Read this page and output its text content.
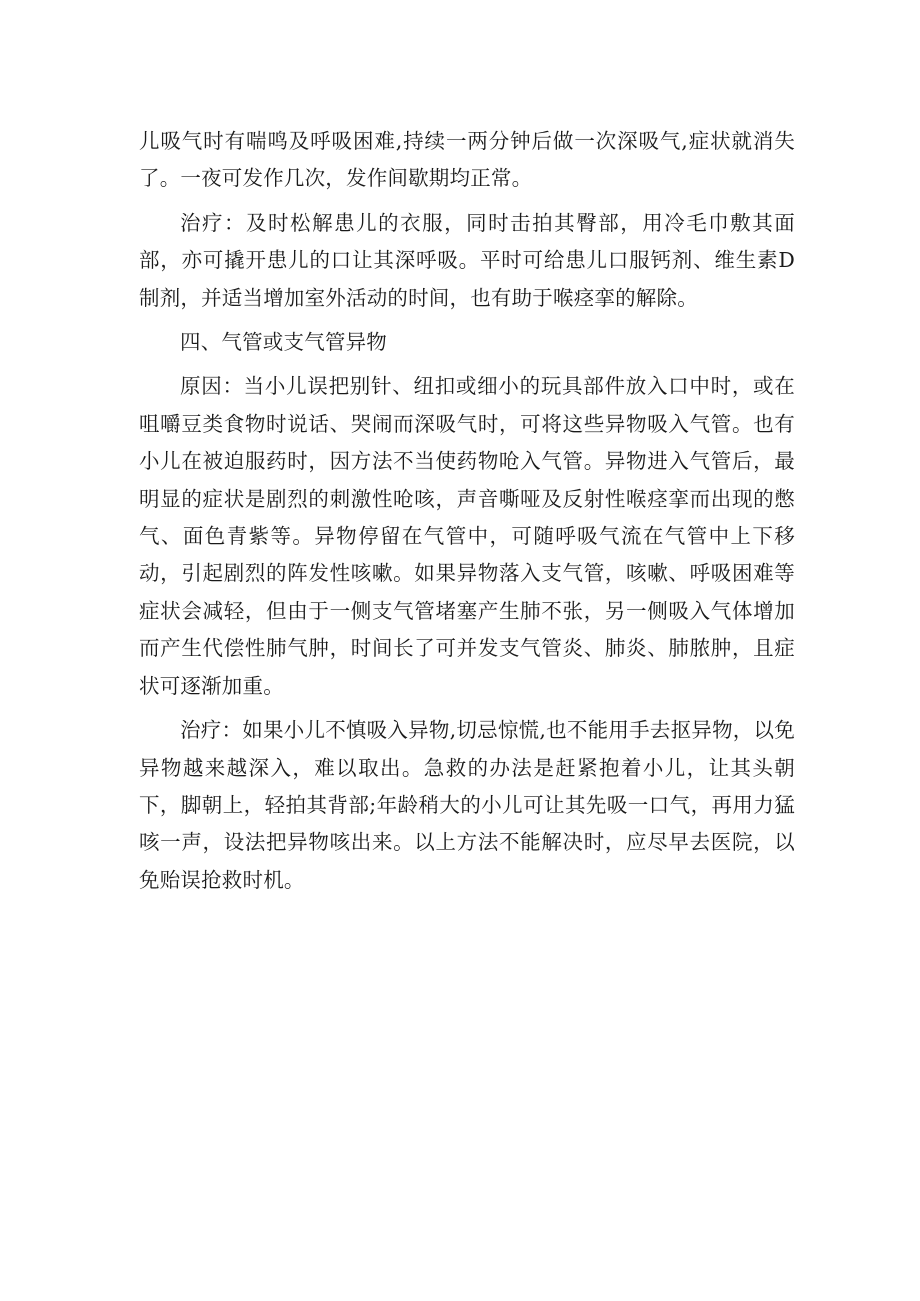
儿吸气时有喘鸣及呼吸困难,持续一两分钟后做一次深吸气,症状就消失了。一夜可发作几次，发作间歇期均正常。

治疗：及时松解患儿的衣服，同时击拍其臀部，用冷毛巾敷其面部，亦可撬开患儿的口让其深呼吸。平时可给患儿口服钙剂、维生素D制剂，并适当增加室外活动的时间，也有助于喉痉挛的解除。

四、气管或支气管异物

原因：当小儿误把别针、纽扣或细小的玩具部件放入口中时，或在咀嚼豆类食物时说话、哭闹而深吸气时，可将这些异物吸入气管。也有小儿在被迫服药时，因方法不当使药物呛入气管。异物进入气管后，最明显的症状是剧烈的刺激性呛咳，声音嘶哑及反射性喉痉挛而出现的憋气、面色青紫等。异物停留在气管中，可随呼吸气流在气管中上下移动，引起剧烈的阵发性咳嗽。如果异物落入支气管，咳嗽、呼吸困难等症状会减轻，但由于一侧支气管堵塞产生肺不张，另一侧吸入气体增加而产生代偿性肺气肿，时间长了可并发支气管炎、肺炎、肺脓肿，且症状可逐渐加重。

治疗：如果小儿不慎吸入异物,切忌惊慌,也不能用手去抠异物，以免异物越来越深入，难以取出。急救的办法是赶紧抱着小儿，让其头朝下，脚朝上，轻拍其背部;年龄稍大的小儿可让其先吸一口气，再用力猛咳一声，设法把异物咳出来。以上方法不能解决时，应尽早去医院，以免贻误抢救时机。
